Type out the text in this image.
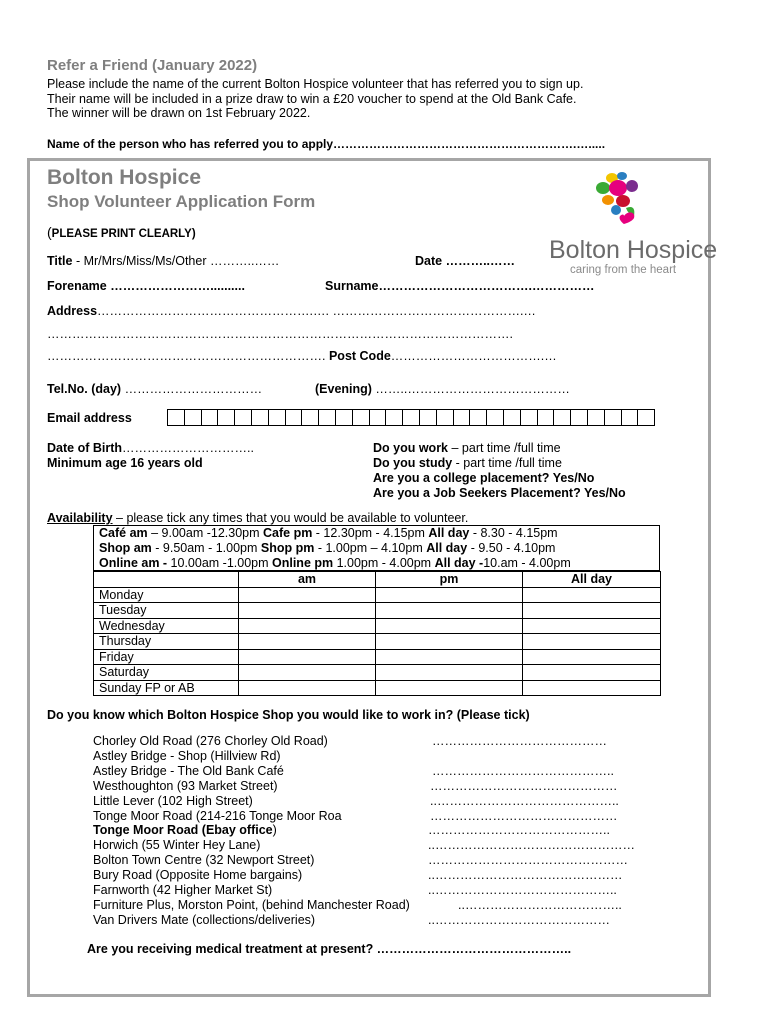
Refer a Friend (January 2022)
Please include the name of the current Bolton Hospice volunteer that has referred you to sign up.
Their name will be included in a prize draw to win a £20 voucher to spend at the Old Bank Cafe.
The winner will be drawn on 1st February 2022.
Name of the person who has referred you to apply…………………………………………………….….....
Bolton Hospice
Shop Volunteer Application Form
(PLEASE PRINT CLEARLY)
Bolton Hospice
caring from the heart
Title - Mr/Mrs/Miss/Ms/Other ………..……	Date ………..……
Forename ……………………..........	Surname……………………………….……………
Address…………………………………………….…. ……………………………………….…
………………………………………………………………………………………………….
…………………………………………………………. Post Code……………………………….…
Tel.No. (day) ……………………………	(Evening) ……..…………………………………
Email address
Date of Birth…………………………..
Minimum age 16 years old
Do you work – part time /full time
Do you study - part time /full time
Are you a college placement? Yes/No
Are you a Job Seekers Placement? Yes/No
Availability – please tick any times that you would be available to volunteer.
Café am – 9.00am -12.30pm Cafe pm - 12.30pm - 4.15pm All day - 8.30 - 4.15pm
Shop am - 9.50am - 1.00pm Shop pm - 1.00pm – 4.10pm All day - 9.50 - 4.10pm
Online am - 10.00am -1.00pm Online pm 1.00pm - 4.00pm All day -10.am - 4.00pm
	am	pm	All day
Monday			
Tuesday			
Wednesday			
Thursday			
Friday			
Saturday			
Sunday FP or AB			
Do you know which Bolton Hospice Shop you would like to work in? (Please tick)
Chorley Old Road (276 Chorley Old Road)	……………………………………
Astley Bridge - Shop (Hillview Rd)
Astley Bridge - The Old Bank Café	……………………………………..
Westhoughton (93 Market Street)	………………………………………
Little Lever (102 High Street)	..……………………………………..
Tonge Moor Road (214-216 Tonge Moor Roa	………………………………………
Tonge Moor Road (Ebay office)	……………………………………..
Horwich (55 Winter Hey Lane)	..…………………………………………
Bolton Town Centre (32 Newport Street)	…………………………………………
Bury Road (Opposite Home bargains)	..………………………………………
Farnworth (42 Higher Market St)	..……………………………………..
Furniture Plus, Morston Point, (behind Manchester Road)	..………………………………..
Van Drivers Mate (collections/deliveries)	..……………………………………
Are you receiving medical treatment at present? ………………………………………..
